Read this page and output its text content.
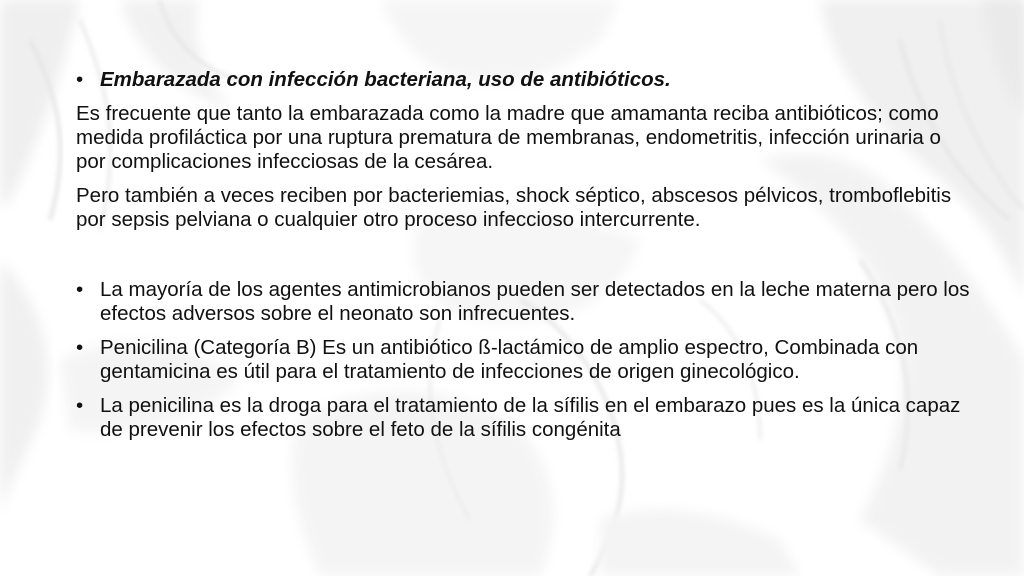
• Embarazada con infección bacteriana, uso de antibióticos.

Es frecuente que tanto la embarazada como la madre que amamanta reciba antibióticos; como medida profiláctica por una ruptura prematura de membranas, endometritis, infección urinaria o por complicaciones infecciosas de la cesárea.

Pero también a veces reciben por bacteriemias, shock séptico, abscesos pélvicos, tromboflebitis por sepsis pelviana o cualquier otro proceso infeccioso intercurrente.

• La mayoría de los agentes antimicrobianos pueden ser detectados en la leche materna pero los efectos adversos sobre el neonato son infrecuentes.

• Penicilina (Categoría B) Es un antibiótico ß-lactámico de amplio espectro, Combinada con gentamicina es útil para el tratamiento de infecciones de origen ginecológico.

• La penicilina es la droga para el tratamiento de la sífilis en el embarazo pues es la única capaz de prevenir los efectos sobre el feto de la sífilis congénita
